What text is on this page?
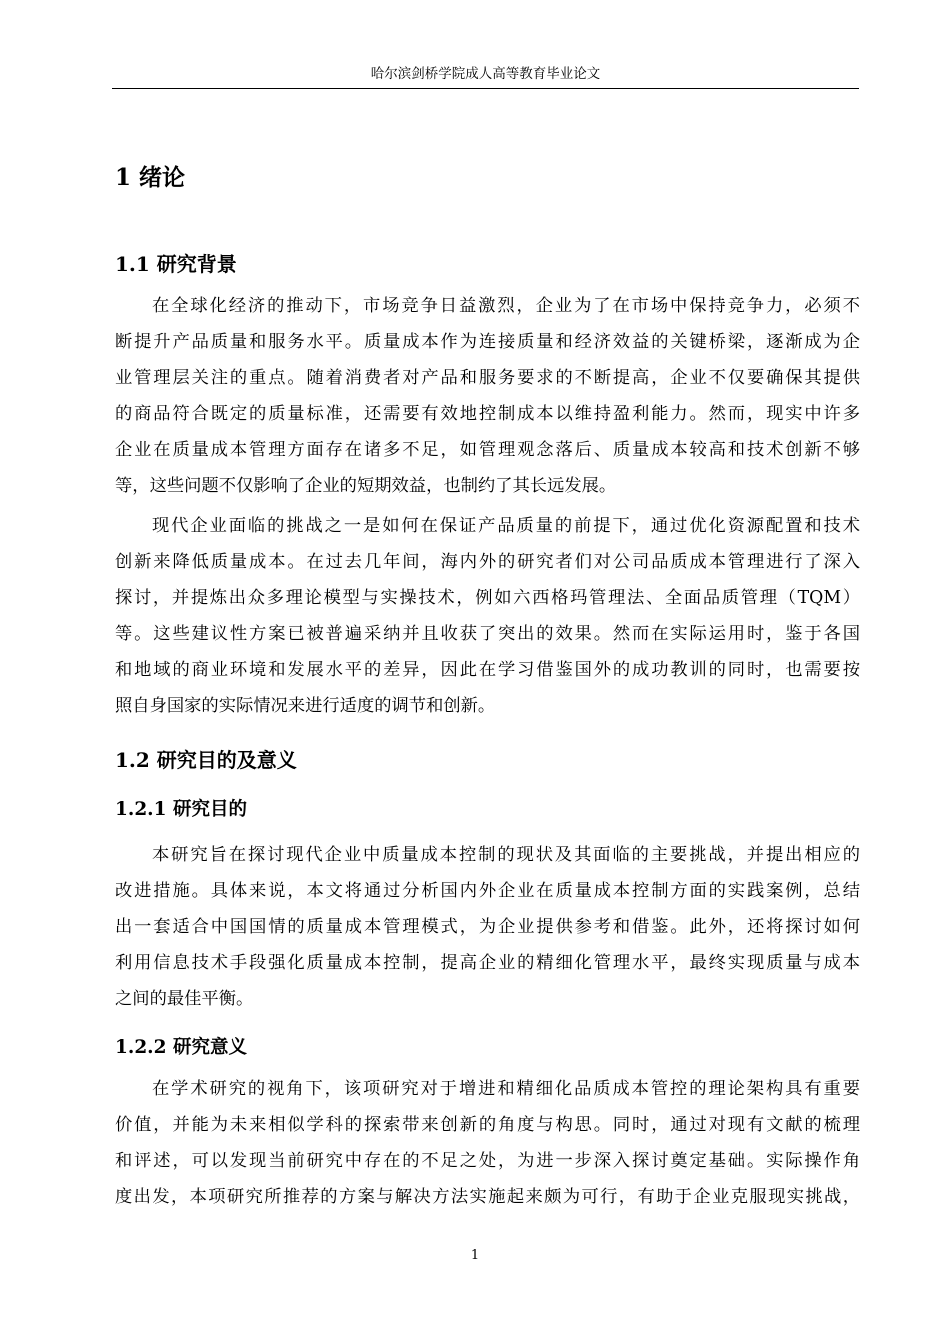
哈尔滨剑桥学院成人高等教育毕业论文
1 绪论
1.1 研究背景
在全球化经济的推动下，市场竞争日益激烈，企业为了在市场中保持竞争力，必须不
断提升产品质量和服务水平。质量成本作为连接质量和经济效益的关键桥梁，逐渐成为企
业管理层关注的重点。随着消费者对产品和服务要求的不断提高，企业不仅要确保其提供
的商品符合既定的质量标准，还需要有效地控制成本以维持盈利能力。然而，现实中许多
企业在质量成本管理方面存在诸多不足，如管理观念落后、质量成本较高和技术创新不够
等，这些问题不仅影响了企业的短期效益，也制约了其长远发展。
现代企业面临的挑战之一是如何在保证产品质量的前提下，通过优化资源配置和技术
创新来降低质量成本。在过去几年间，海内外的研究者们对公司品质成本管理进行了深入
探讨，并提炼出众多理论模型与实操技术，例如六西格玛管理法、全面品质管理（TQM）
等。这些建议性方案已被普遍采纳并且收获了突出的效果。然而在实际运用时，鉴于各国
和地域的商业环境和发展水平的差异，因此在学习借鉴国外的成功教训的同时，也需要按
照自身国家的实际情况来进行适度的调节和创新。
1.2 研究目的及意义
1.2.1 研究目的
本研究旨在探讨现代企业中质量成本控制的现状及其面临的主要挑战，并提出相应的
改进措施。具体来说，本文将通过分析国内外企业在质量成本控制方面的实践案例，总结
出一套适合中国国情的质量成本管理模式，为企业提供参考和借鉴。此外，还将探讨如何
利用信息技术手段强化质量成本控制，提高企业的精细化管理水平，最终实现质量与成本
之间的最佳平衡。
1.2.2 研究意义
在学术研究的视角下，该项研究对于增进和精细化品质成本管控的理论架构具有重要
价值，并能为未来相似学科的探索带来创新的角度与构思。同时，通过对现有文献的梳理
和评述，可以发现当前研究中存在的不足之处，为进一步深入探讨奠定基础。实际操作角
度出发，本项研究所推荐的方案与解决方法实施起来颇为可行，有助于企业克服现实挑战，
1
